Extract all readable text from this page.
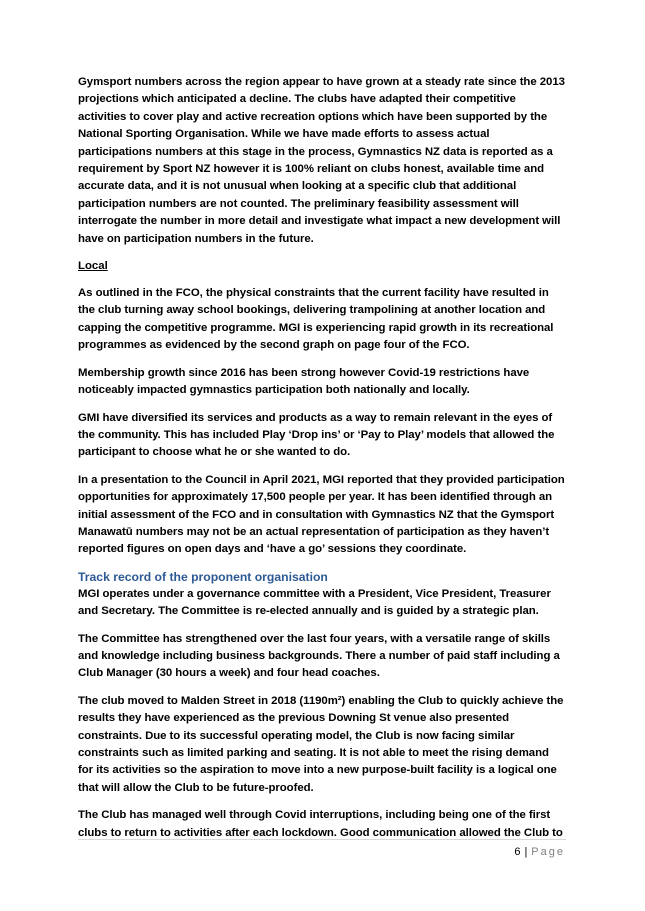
Gymsport numbers across the region appear to have grown at a steady rate since the 2013 projections which anticipated a decline. The clubs have adapted their competitive activities to cover play and active recreation options which have been supported by the National Sporting Organisation. While we have made efforts to assess actual participations numbers at this stage in the process, Gymnastics NZ data is reported as a requirement by Sport NZ however it is 100% reliant on clubs honest, available time and accurate data, and it is not unusual when looking at a specific club that additional participation numbers are not counted. The preliminary feasibility assessment will interrogate the number in more detail and investigate what impact a new development will have on participation numbers in the future.

Local

As outlined in the FCO, the physical constraints that the current facility have resulted in the club turning away school bookings, delivering trampolining at another location and capping the competitive programme. MGI is experiencing rapid growth in its recreational programmes as evidenced by the second graph on page four of the FCO.

Membership growth since 2016 has been strong however Covid-19 restrictions have noticeably impacted gymnastics participation both nationally and locally.

GMI have diversified its services and products as a way to remain relevant in the eyes of the community. This has included Play ‘Drop ins’ or ‘Pay to Play’ models that allowed the participant to choose what he or she wanted to do.

In a presentation to the Council in April 2021, MGI reported that they provided participation opportunities for approximately 17,500 people per year. It has been identified through an initial assessment of the FCO and in consultation with Gymnastics NZ that the Gymsport Manawatū numbers may not be an actual representation of participation as they haven’t reported figures on open days and ‘have a go’ sessions they coordinate.

Track record of the proponent organisation

MGI operates under a governance committee with a President, Vice President, Treasurer and Secretary. The Committee is re-elected annually and is guided by a strategic plan.

The Committee has strengthened over the last four years, with a versatile range of skills and knowledge including business backgrounds. There a number of paid staff including a Club Manager (30 hours a week) and four head coaches.

The club moved to Malden Street in 2018 (1190m²) enabling the Club to quickly achieve the results they have experienced as the previous Downing St venue also presented constraints. Due to its successful operating model, the Club is now facing similar constraints such as limited parking and seating. It is not able to meet the rising demand for its activities so the aspiration to move into a new purpose-built facility is a logical one that will allow the Club to be future-proofed.

The Club has managed well through Covid interruptions, including being one of the first clubs to return to activities after each lockdown. Good communication allowed the Club to

6 | Page
